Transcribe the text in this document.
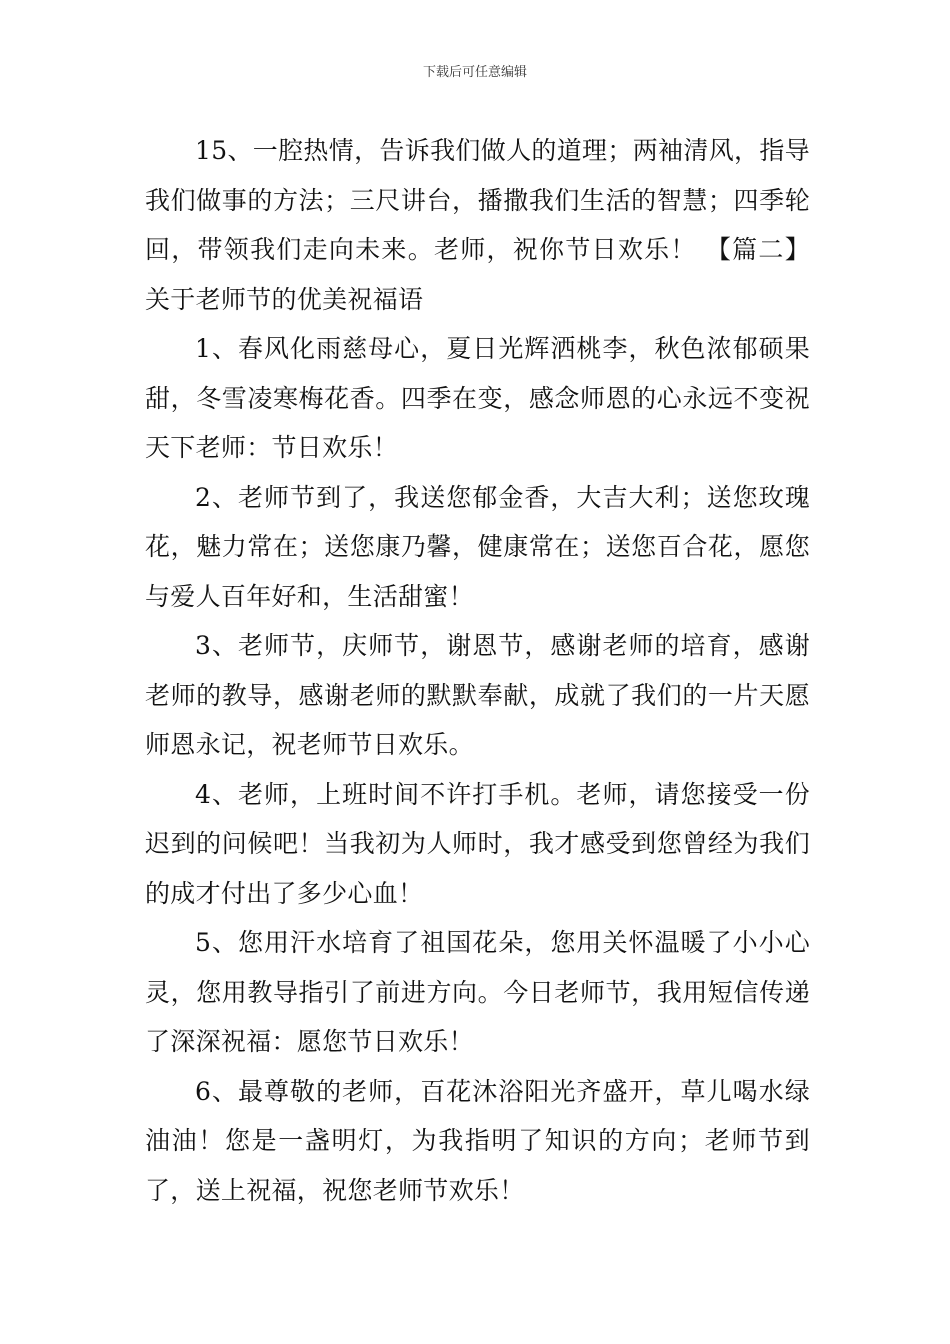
下载后可任意编辑

15、一腔热情，告诉我们做人的道理；两袖清风，指导我们做事的方法；三尺讲台，播撒我们生活的智慧；四季轮回，带领我们走向未来。老师，祝你节日欢乐！ 【篇二】关于老师节的优美祝福语

1、春风化雨慈母心，夏日光辉洒桃李，秋色浓郁硕果甜，冬雪凌寒梅花香。四季在变，感念师恩的心永远不变祝天下老师：节日欢乐！

2、老师节到了，我送您郁金香，大吉大利；送您玫瑰花，魅力常在；送您康乃馨，健康常在；送您百合花，愿您与爱人百年好和，生活甜蜜！

3、老师节，庆师节，谢恩节，感谢老师的培育，感谢老师的教导，感谢老师的默默奉献，成就了我们的一片天愿师恩永记，祝老师节日欢乐。

4、老师，上班时间不许打手机。老师，请您接受一份迟到的问候吧！当我初为人师时，我才感受到您曾经为我们的成才付出了多少心血！

5、您用汗水培育了祖国花朵，您用关怀温暖了小小心灵，您用教导指引了前进方向。今日老师节，我用短信传递了深深祝福：愿您节日欢乐！

6、最尊敬的老师，百花沐浴阳光齐盛开，草儿喝水绿油油！您是一盏明灯，为我指明了知识的方向；老师节到了，送上祝福，祝您老师节欢乐！
